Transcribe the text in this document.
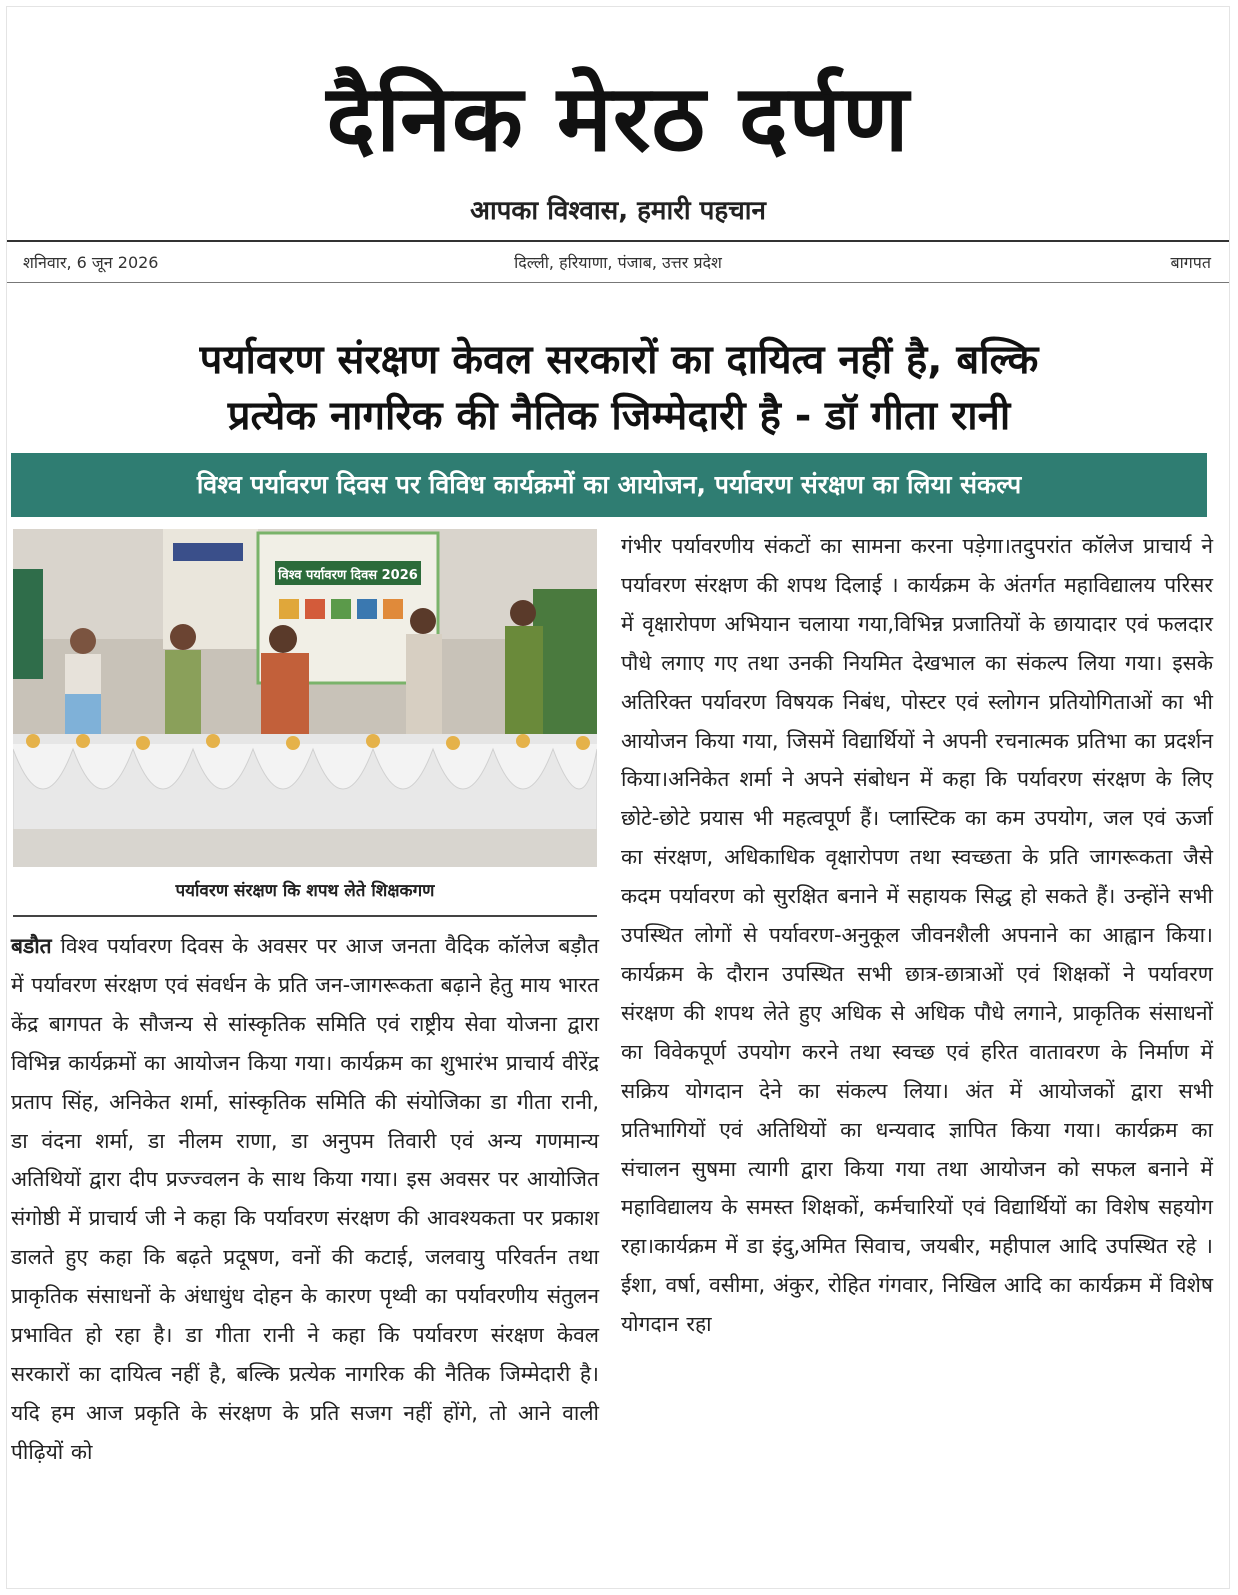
दैनिक मेरठ दर्पण
आपका विश्वास, हमारी पहचान
शनिवार, 6 जून 2026	दिल्ली, हरियाणा, पंजाब, उत्तर प्रदेश	बागपत
पर्यावरण संरक्षण केवल सरकारों का दायित्व नहीं है, बल्कि
प्रत्येक नागरिक की नैतिक जिम्मेदारी है - डॉ गीता रानी
विश्व पर्यावरण दिवस पर विविध कार्यक्रमों का आयोजन, पर्यावरण संरक्षण का लिया संकल्प
विश्व पर्यावरण दिवस 2026
पर्यावरण संरक्षण कि शपथ लेते शिक्षकगण

बडौत विश्व पर्यावरण दिवस के अवसर पर आज जनता वैदिक कॉलेज बड़ौत में पर्यावरण संरक्षण एवं संवर्धन के प्रति जन-जागरूकता बढ़ाने हेतु माय भारत केंद्र बागपत के सौजन्य से सांस्कृतिक समिति एवं राष्ट्रीय सेवा योजना द्वारा विभिन्न कार्यक्रमों का आयोजन किया गया। कार्यक्रम का शुभारंभ प्राचार्य वीरेंद्र प्रताप सिंह, अनिकेत शर्मा, सांस्कृतिक समिति की संयोजिका डा गीता रानी, डा वंदना शर्मा, डा नीलम राणा, डा अनुपम तिवारी एवं अन्य गणमान्य अतिथियों द्वारा दीप प्रज्ज्वलन के साथ किया गया। इस अवसर पर आयोजित संगोष्ठी में प्राचार्य जी ने कहा कि पर्यावरण संरक्षण की आवश्यकता पर प्रकाश डालते हुए कहा कि बढ़ते प्रदूषण, वनों की कटाई, जलवायु परिवर्तन तथा प्राकृतिक संसाधनों के अंधाधुंध दोहन के कारण पृथ्वी का पर्यावरणीय संतुलन प्रभावित हो रहा है। डा गीता रानी ने कहा कि पर्यावरण संरक्षण केवल सरकारों का दायित्व नहीं है, बल्कि प्रत्येक नागरिक की नैतिक जिम्मेदारी है। यदि हम आज प्रकृति के संरक्षण के प्रति सजग नहीं होंगे, तो आने वाली पीढ़ियों को

गंभीर पर्यावरणीय संकटों का सामना करना पड़ेगा।तदुपरांत कॉलेज प्राचार्य ने पर्यावरण संरक्षण की शपथ दिलाई । कार्यक्रम के अंतर्गत महाविद्यालय परिसर में वृक्षारोपण अभियान चलाया गया,विभिन्न प्रजातियों के छायादार एवं फलदार पौधे लगाए गए तथा उनकी नियमित देखभाल का संकल्प लिया गया। इसके अतिरिक्त पर्यावरण विषयक निबंध, पोस्टर एवं स्लोगन प्रतियोगिताओं का भी आयोजन किया गया, जिसमें विद्यार्थियों ने अपनी रचनात्मक प्रतिभा का प्रदर्शन किया।अनिकेत शर्मा ने अपने संबोधन में कहा कि पर्यावरण संरक्षण के लिए छोटे-छोटे प्रयास भी महत्वपूर्ण हैं। प्लास्टिक का कम उपयोग, जल एवं ऊर्जा का संरक्षण, अधिकाधिक वृक्षारोपण तथा स्वच्छता के प्रति जागरूकता जैसे कदम पर्यावरण को सुरक्षित बनाने में सहायक सिद्ध हो सकते हैं। उन्होंने सभी उपस्थित लोगों से पर्यावरण-अनुकूल जीवनशैली अपनाने का आह्वान किया।कार्यक्रम के दौरान उपस्थित सभी छात्र-छात्राओं एवं शिक्षकों ने पर्यावरण संरक्षण की शपथ लेते हुए अधिक से अधिक पौधे लगाने, प्राकृतिक संसाधनों का विवेकपूर्ण उपयोग करने तथा स्वच्छ एवं हरित वातावरण के निर्माण में सक्रिय योगदान देने का संकल्प लिया। अंत में आयोजकों द्वारा सभी प्रतिभागियों एवं अतिथियों का धन्यवाद ज्ञापित किया गया। कार्यक्रम का संचालन सुषमा त्यागी द्वारा किया गया तथा आयोजन को सफल बनाने में महाविद्यालय के समस्त शिक्षकों, कर्मचारियों एवं विद्यार्थियों का विशेष सहयोग रहा।कार्यक्रम में डा इंदु,अमित सिवाच, जयबीर, महीपाल आदि उपस्थित रहे । ईशा, वर्षा, वसीमा, अंकुर, रोहित गंगवार, निखिल आदि का कार्यक्रम में विशेष योगदान रहा
